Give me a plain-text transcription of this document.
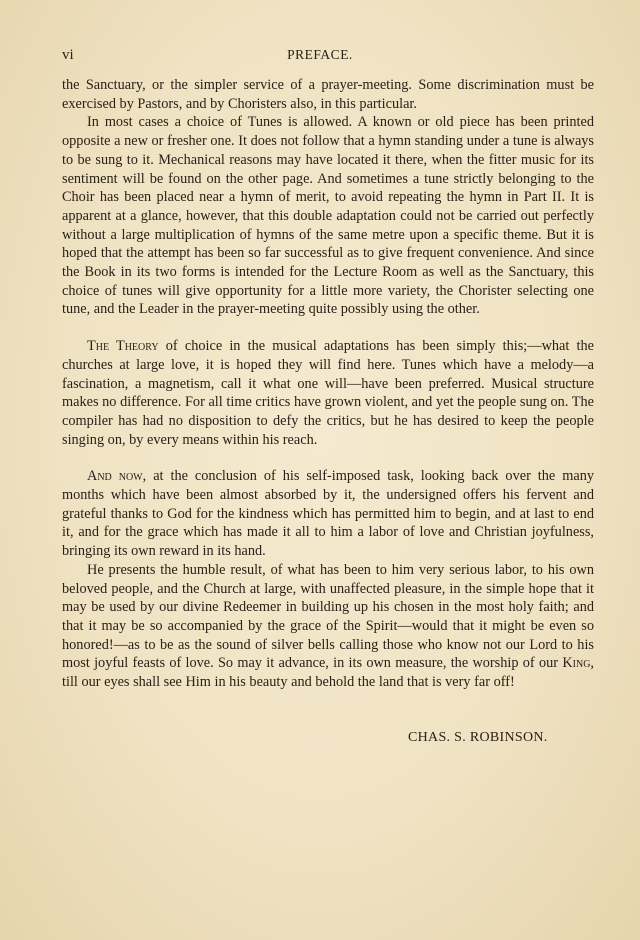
vi	PREFACE.

the Sanctuary, or the simpler service of a prayer-meeting. Some discrimination must be exercised by Pastors, and by Choristers also, in this particular.

In most cases a choice of Tunes is allowed. A known or old piece has been printed opposite a new or fresher one. It does not follow that a hymn standing under a tune is always to be sung to it. Mechanical reasons may have located it there, when the fitter music for its sentiment will be found on the other page. And sometimes a tune strictly belonging to the Choir has been placed near a hymn of merit, to avoid repeating the hymn in Part II. It is apparent at a glance, however, that this double adaptation could not be carried out perfectly without a large multiplication of hymns of the same metre upon a specific theme. But it is hoped that the attempt has been so far successful as to give frequent convenience. And since the Book in its two forms is intended for the Lecture Room as well as the Sanctuary, this choice of tunes will give opportunity for a little more variety, the Chorister selecting one tune, and the Leader in the prayer-meeting quite possibly using the other.

The Theory of choice in the musical adaptations has been simply this;—what the churches at large love, it is hoped they will find here. Tunes which have a melody—a fascination, a magnetism, call it what one will—have been preferred. Musical structure makes no difference. For all time critics have grown violent, and yet the people sung on. The compiler has had no disposition to defy the critics, but he has desired to keep the people singing on, by every means within his reach.

And now, at the conclusion of his self-imposed task, looking back over the many months which have been almost absorbed by it, the undersigned offers his fervent and grateful thanks to God for the kindness which has permitted him to begin, and at last to end it, and for the grace which has made it all to him a labor of love and Christian joyfulness, bringing its own reward in its hand.

He presents the humble result, of what has been to him very serious labor, to his own beloved people, and the Church at large, with unaffected pleasure, in the simple hope that it may be used by our divine Redeemer in building up his chosen in the most holy faith; and that it may be so accompanied by the grace of the Spirit—would that it might be even so honored!—as to be as the sound of silver bells calling those who know not our Lord to his most joyful feasts of love. So may it advance, in its own measure, the worship of our King, till our eyes shall see Him in his beauty and behold the land that is very far off!

CHAS. S. ROBINSON.
